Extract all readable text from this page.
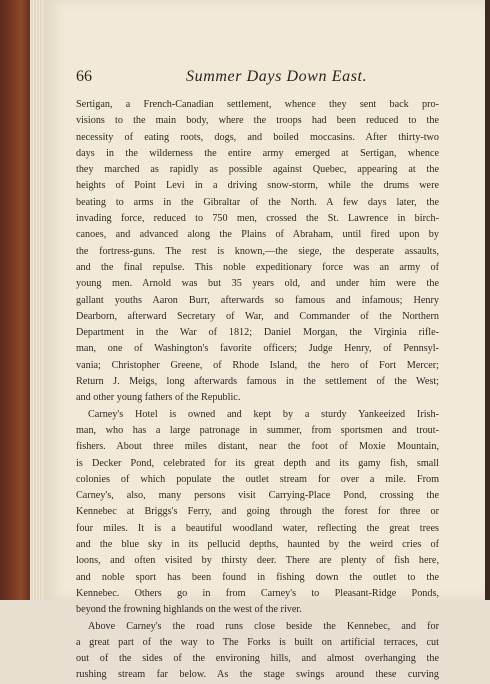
66	Summer Days Down East.
Sertigan, a French-Canadian settlement, whence they sent back pro-
visions to the main body, where the troops had been reduced to the
necessity of eating roots, dogs, and boiled moccasins. After thirty-two
days in the wilderness the entire army emerged at Sertigan, whence
they marched as rapidly as possible against Quebec, appearing at the
heights of Point Levi in a driving snow-storm, while the drums were
beating to arms in the Gibraltar of the North. A few days later, the
invading force, reduced to 750 men, crossed the St. Lawrence in birch-
canoes, and advanced along the Plains of Abraham, until fired upon by
the fortress-guns. The rest is known,—the siege, the desperate assaults,
and the final repulse. This noble expeditionary force was an army of
young men. Arnold was but 35 years old, and under him were the
gallant youths Aaron Burr, afterwards so famous and infamous; Henry
Dearborn, afterward Secretary of War, and Commander of the Northern
Department in the War of 1812; Daniel Morgan, the Virginia rifle-
man, one of Washington's favorite officers; Judge Henry, of Pennsyl-
vania; Christopher Greene, of Rhode Island, the hero of Fort Mercer;
Return J. Meigs, long afterwards famous in the settlement of the West;
and other young fathers of the Republic.
Carney's Hotel is owned and kept by a sturdy Yankeeized Irish-
man, who has a large patronage in summer, from sportsmen and trout-
fishers. About three miles distant, near the foot of Moxie Mountain,
is Decker Pond, celebrated for its great depth and its gamy fish, small
colonies of which populate the outlet stream for over a mile. From
Carney's, also, many persons visit Carrying-Place Pond, crossing the
Kennebec at Briggs's Ferry, and going through the forest for three or
four miles. It is a beautiful woodland water, reflecting the great trees
and the blue sky in its pellucid depths, haunted by the weird cries of
loons, and often visited by thirsty deer. There are plenty of fish here,
and noble sport has been found in fishing down the outlet to the
Kennebec. Others go in from Carney's to Pleasant-Ridge Ponds,
beyond the frowning highlands on the west of the river.
Above Carney's the road runs close beside the Kennebec, and for
a great part of the way to The Forks is built on artificial terraces, cut
out of the sides of the environing hills, and almost overhanging the
rushing stream far below. As the stage swings around these curving
